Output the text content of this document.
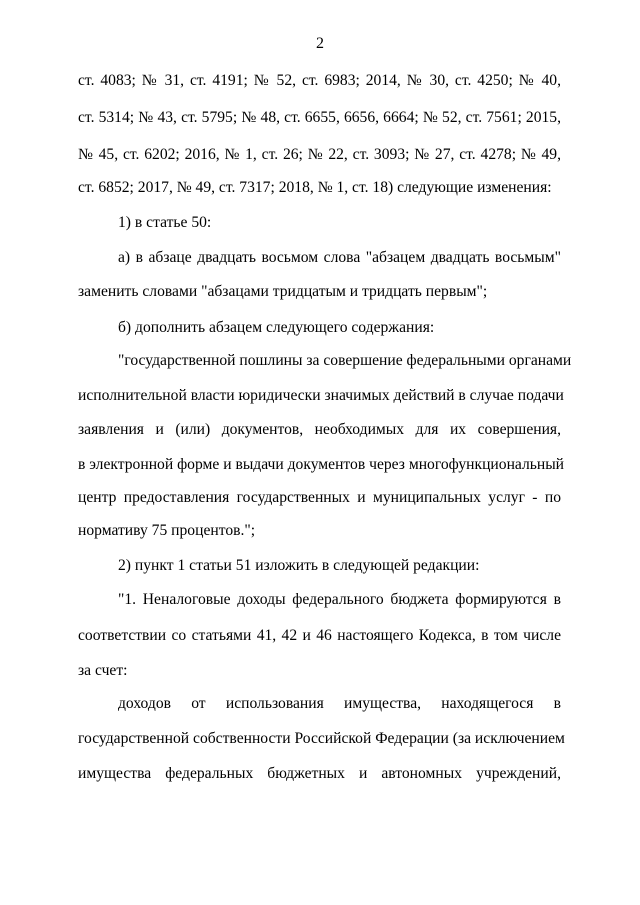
2
ст. 4083; № 31, ст. 4191; № 52, ст. 6983; 2014, № 30, ст. 4250; № 40,
ст. 5314; № 43, ст. 5795; № 48, ст. 6655, 6656, 6664; № 52, ст. 7561; 2015,
№ 45, ст. 6202; 2016, № 1, ст. 26; № 22, ст. 3093; № 27, ст. 4278; № 49,
ст. 6852; 2017, № 49, ст. 7317; 2018, № 1, ст. 18) следующие изменения:
1) в статье 50:
а) в абзаце двадцать восьмом слова "абзацем двадцать восьмым"
заменить словами "абзацами тридцатым и тридцать первым";
б) дополнить абзацем следующего содержания:
"государственной пошлины за совершение федеральными органами
исполнительной власти юридически значимых действий в случае подачи
заявления и (или) документов, необходимых для их совершения,
в электронной форме и выдачи документов через многофункциональный
центр предоставления государственных и муниципальных услуг - по
нормативу 75 процентов.";
2) пункт 1 статьи 51 изложить в следующей редакции:
"1. Неналоговые доходы федерального бюджета формируются в
соответствии со статьями 41, 42 и 46 настоящего Кодекса, в том числе
за счет:
доходов от использования имущества, находящегося в
государственной собственности Российской Федерации (за исключением
имущества федеральных бюджетных и автономных учреждений,
